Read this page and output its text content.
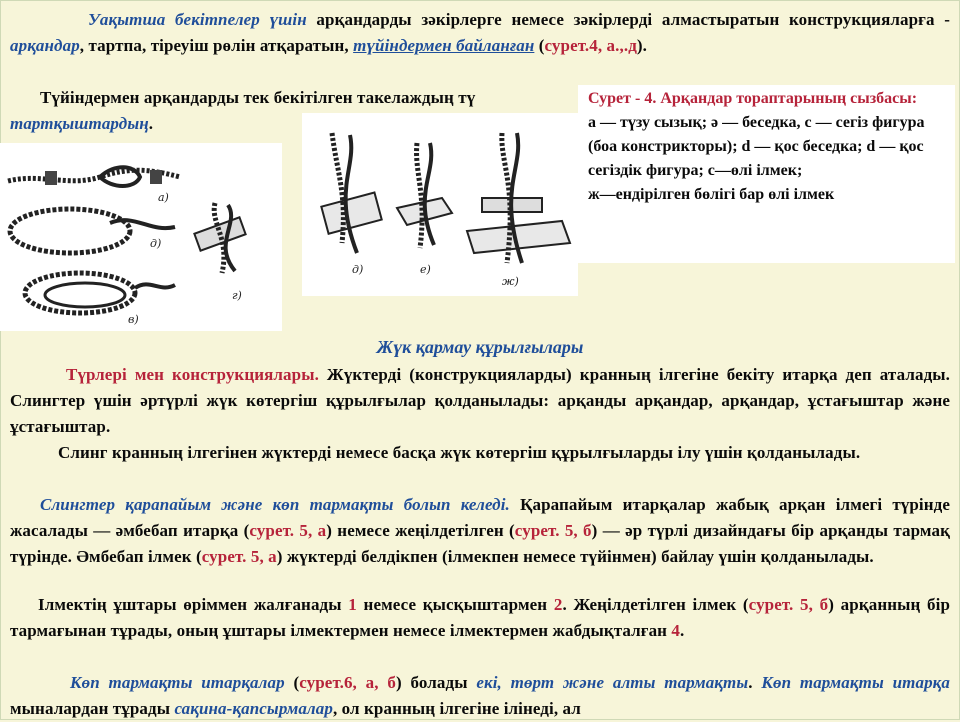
Уақытша бекітпелер үшін арқандарды зәкірлерге немесе зәкірлерді алмастыратын конструкцияларға - арқандар, тартпа, тіреуіш рөлін атқаратын, түйіндермен байланған (сурет.4, а.,.д).

Түйіндермен арқандарды тек бекітілген такелаждың тү
тартқыштардың.

а)
д)
г)
в)
д)	е)
ж)
Сурет - 4. Арқандар тораптарының сызбасы:
а — түзу сызық; ә — беседка, с — сегіз фигура (боа констрикторы); d — қос беседка; d — қос сегіздік фигура; с—өлі ілмек;
ж—ендірілген бөлігі бар өлі ілмек
Жүк қармау құрылғылары

Түрлері мен конструкциялары. Жүктерді (конструкцияларды) кранның ілгегіне бекіту итарқа деп аталады. Слингтер үшін әртүрлі жүк көтергіш құрылғылар қолданылады: арқанды арқандар, арқандар, ұстағыштар және ұстағыштар.

Слинг кранның ілгегінен жүктерді немесе басқа жүк көтергіш құрылғыларды ілу үшін қолданылады.

Слингтер қарапайым және көп тармақты болып келеді. Қарапайым итарқалар жабық арқан ілмегі түрінде жасалады — әмбебап итарқа (сурет. 5, а) немесе жеңілдетілген (сурет. 5, б) — әр түрлі дизайндағы бір арқанды тармақ түрінде. Әмбебап ілмек (сурет. 5, а) жүктерді белдікпен (ілмекпен немесе түйінмен) байлау үшін қолданылады.

Ілмектің ұштары өріммен жалғанады 1 немесе қысқыштармен 2. Жеңілдетілген ілмек (сурет. 5, б) арқанның бір тармағынан тұрады, оның ұштары ілмектермен немесе ілмектермен жабдықталған 4.

Көп тармақты итарқалар (сурет.6, а, б) болады екі, төрт және алты тармақты. Көп тармақты итарқа мыналардан тұрады сақина-қапсырмалар, ол кранның ілгегіне ілінеді, ал
